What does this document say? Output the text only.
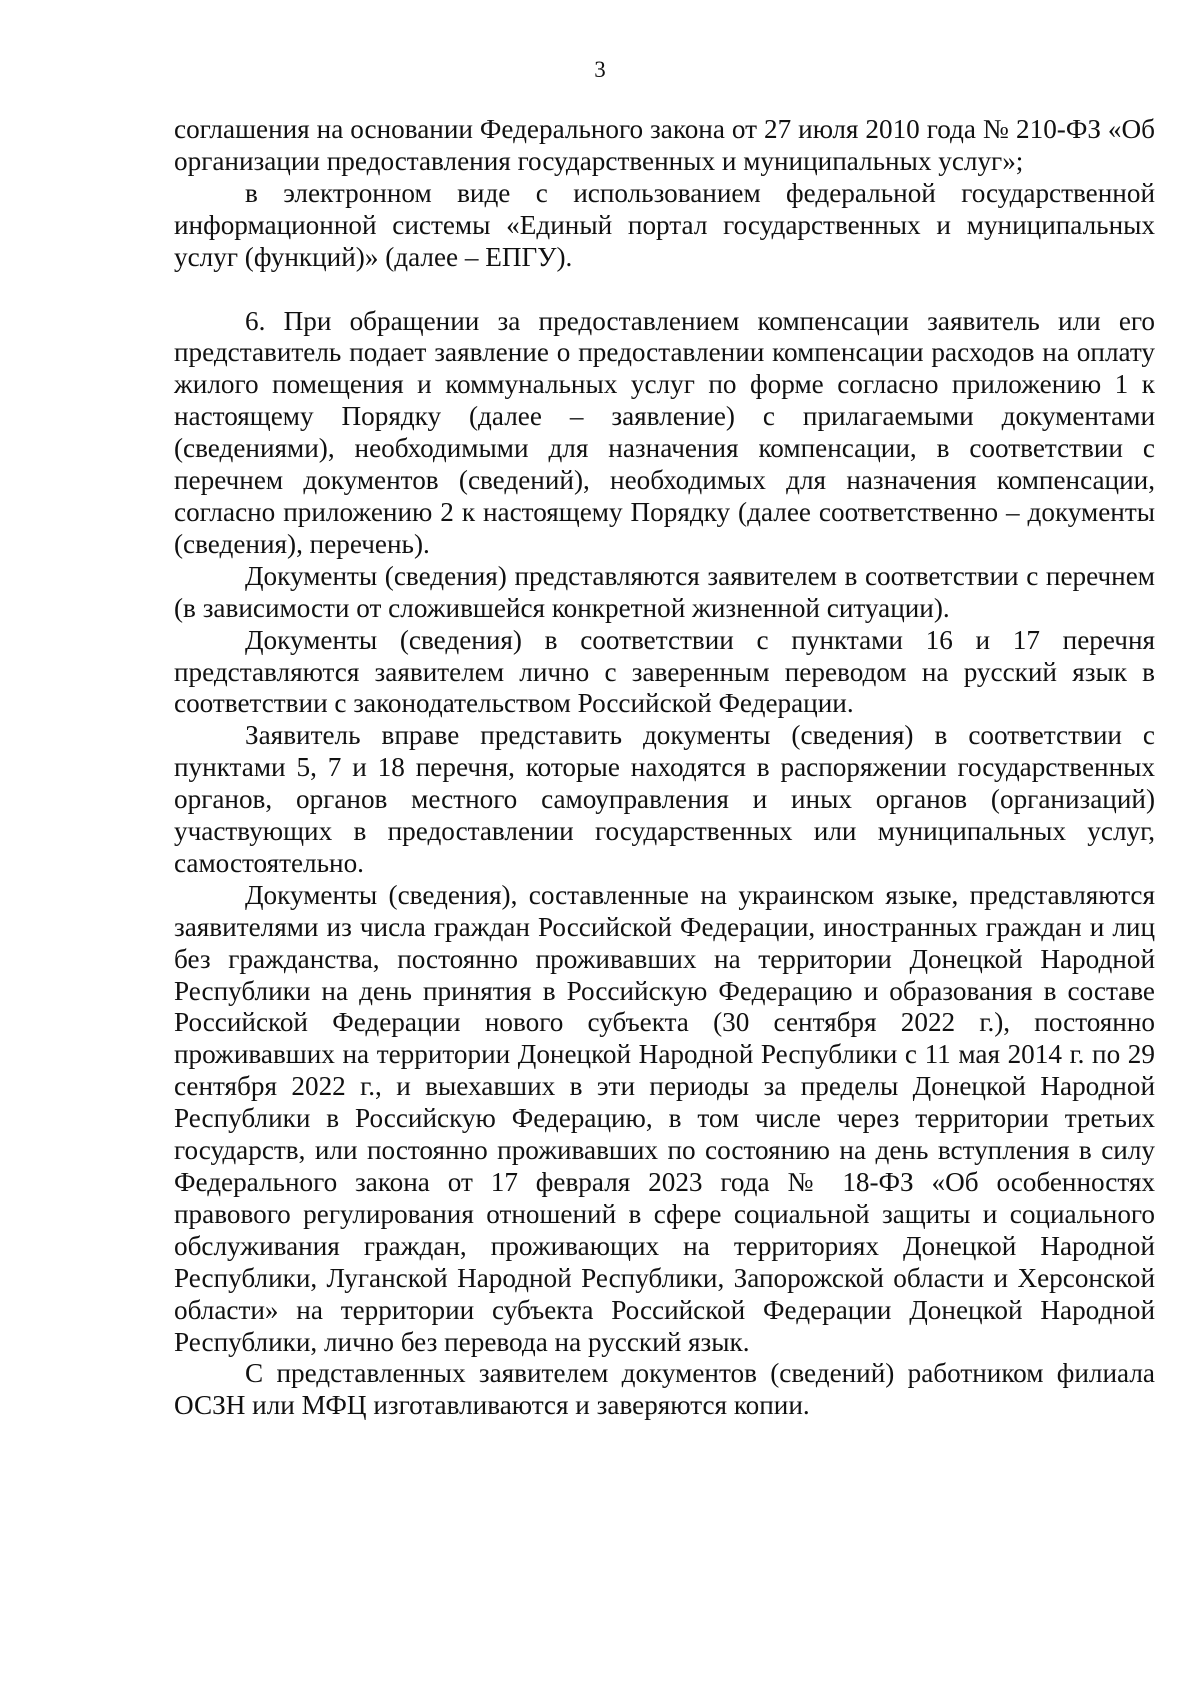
3

соглашения на основании Федерального закона от 27 июля 2010 года № 210-ФЗ «Об организации предоставления государственных и муниципальных услуг»;

в электронном виде с использованием федеральной государственной информационной системы «Единый портал государственных и муниципальных услуг (функций)» (далее – ЕПГУ).

6. При обращении за предоставлением компенсации заявитель или его представитель подает заявление о предоставлении компенсации расходов на оплату жилого помещения и коммунальных услуг по форме согласно приложению 1 к настоящему Порядку (далее – заявление) с прилагаемыми документами (сведениями), необходимыми для назначения компенсации, в соответствии с перечнем документов (сведений), необходимых для назначения компенсации, согласно приложению 2 к настоящему Порядку (далее соответственно – документы (сведения), перечень).

Документы (сведения) представляются заявителем в соответствии с перечнем (в зависимости от сложившейся конкретной жизненной ситуации).

Документы (сведения) в соответствии с пунктами 16 и 17 перечня представляются заявителем лично с заверенным переводом на русский язык в соответствии с законодательством Российской Федерации.

Заявитель вправе представить документы (сведения) в соответствии с пунктами 5, 7 и 18 перечня, которые находятся в распоряжении государственных органов, органов местного самоуправления и иных органов (организаций) участвующих в предоставлении государственных или муниципальных услуг, самостоятельно.

Документы (сведения), составленные на украинском языке, представляются заявителями из числа граждан Российской Федерации, иностранных граждан и лиц без гражданства, постоянно проживавших на территории Донецкой Народной Республики на день принятия в Российскую Федерацию и образования в составе Российской Федерации нового субъекта (30 сентября 2022 г.), постоянно проживавших на территории Донецкой Народной Республики с 11 мая 2014 г. по 29 сентября 2022 г., и выехавших в эти периоды за пределы Донецкой Народной Республики в Российскую Федерацию, в том числе через территории третьих государств, или постоянно проживавших по состоянию на день вступления в силу Федерального закона от 17 февраля 2023 года № 18-ФЗ «Об особенностях правового регулирования отношений в сфере социальной защиты и социального обслуживания граждан, проживающих на территориях Донецкой Народной Республики, Луганской Народной Республики, Запорожской области и Херсонской области» на территории субъекта Российской Федерации Донецкой Народной Республики, лично без перевода на русский язык.

С представленных заявителем документов (сведений) работником филиала ОСЗН или МФЦ изготавливаются и заверяются копии.
